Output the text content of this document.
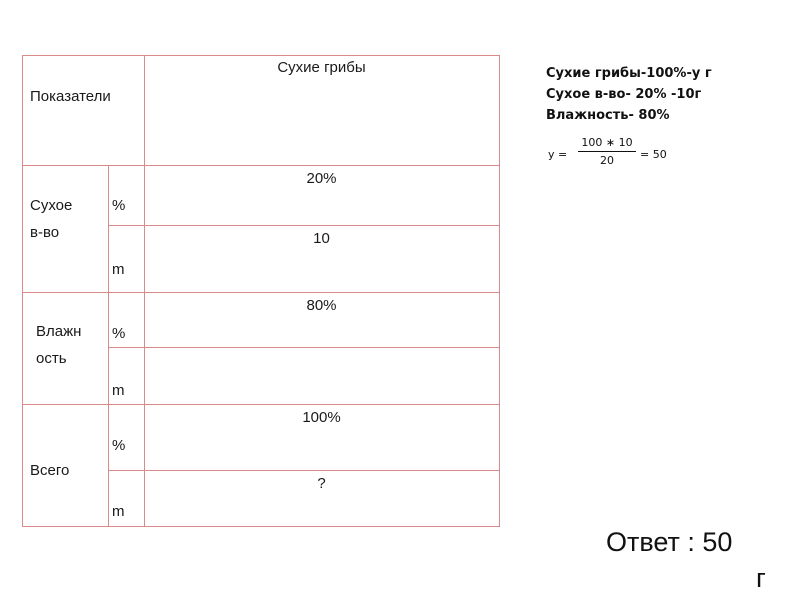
Показатели
Сухие грибы
Сухое
в-во
%
m
20%
10
Влажн
ость
%
m
80%
Всего
%
m
100%
?
Сухие грибы-100%-y г
Сухое в-во- 20% -10г
Влажность- 80%
y =
100 ∗ 10
20	= 50
Ответ : 50
г
